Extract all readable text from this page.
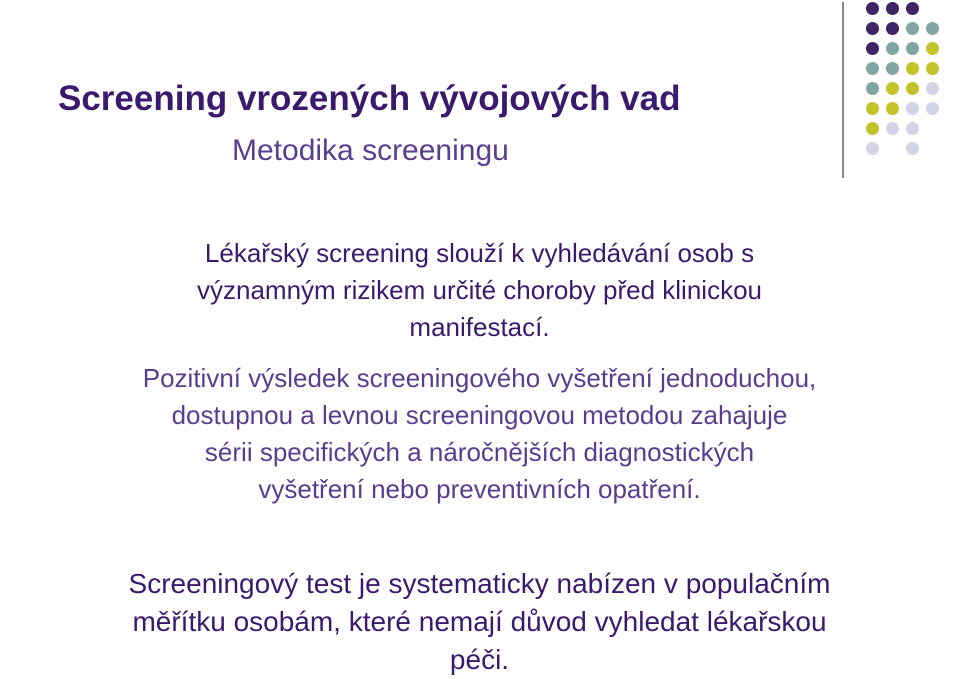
Screening vrozených vývojových vad
Metodika screeningu
Lékařský screening slouží k vyhledávání osob s
významným rizikem určité choroby před klinickou
manifestací.
Pozitivní výsledek screeningového vyšetření jednoduchou,
dostupnou a levnou screeningovou metodou zahajuje
sérii specifických a náročnějších diagnostických
vyšetření nebo preventivních opatření.
Screeningový test je systematicky nabízen v populačním
měřítku osobám, které nemají důvod vyhledat lékařskou
péči.
